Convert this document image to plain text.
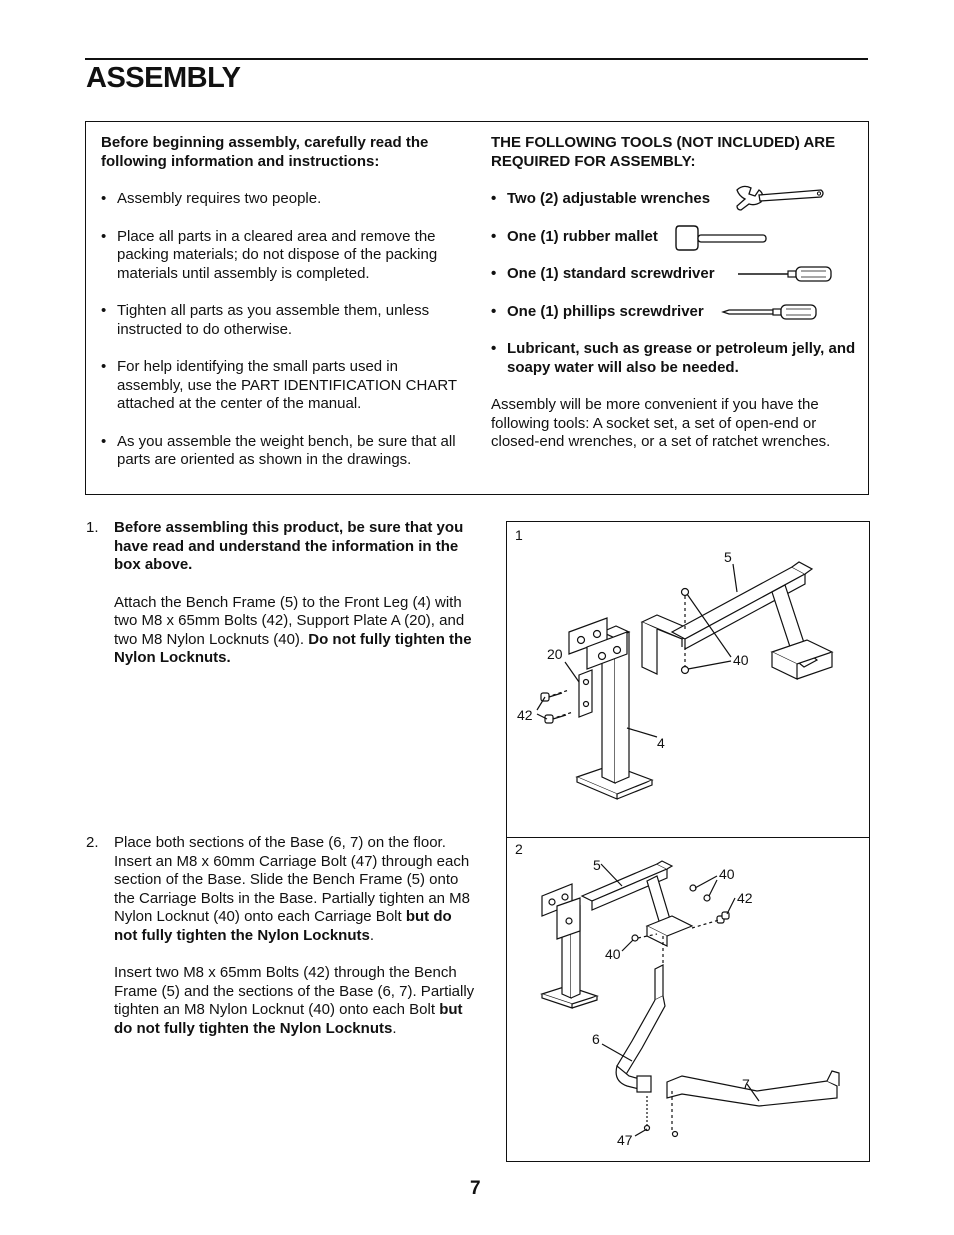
ASSEMBLY
Before beginning assembly, carefully read the following information and instructions:
• Assembly requires two people.
• Place all parts in a cleared area and remove the packing materials; do not dispose of the packing materials until assembly is completed.
• Tighten all parts as you assemble them, unless instructed to do otherwise.
• For help identifying the small parts used in assembly, use the PART IDENTIFICATION CHART attached at the center of the manual.
• As you assemble the weight bench, be sure that all parts are oriented as shown in the drawings.
THE FOLLOWING TOOLS (NOT INCLUDED) ARE REQUIRED FOR ASSEMBLY:
• Two (2) adjustable wrenches
• One (1) rubber mallet
• One (1) standard screwdriver
• One (1) phillips screwdriver
• Lubricant, such as grease or petroleum jelly, and soapy water will also be needed.
Assembly will be more convenient if you have the following tools: A socket set, a set of open-end or closed-end wrenches, or a set of ratchet wrenches.
1. Before assembling this product, be sure that you have read and understand the information in the box above.
Attach the Bench Frame (5) to the Front Leg (4) with two M8 x 65mm Bolts (42), Support Plate A (20), and two M8 Nylon Locknuts (40). Do not fully tighten the Nylon Locknuts.
2. Place both sections of the Base (6, 7) on the floor. Insert an M8 x 60mm Carriage Bolt (47) through each section of the Base. Slide the Bench Frame (5) onto the Carriage Bolts in the Base. Partially tighten an M8 Nylon Locknut (40) onto each Carriage Bolt but do not fully tighten the Nylon Locknuts.
Insert two M8 x 65mm Bolts (42) through the Bench Frame (5) and the sections of the Base (6, 7). Partially tighten an M8 Nylon Locknut (40) onto each Bolt but do not fully tighten the Nylon Locknuts.
1
5
20	40
42
4
2
5
40
42
40
6
7
47
7
